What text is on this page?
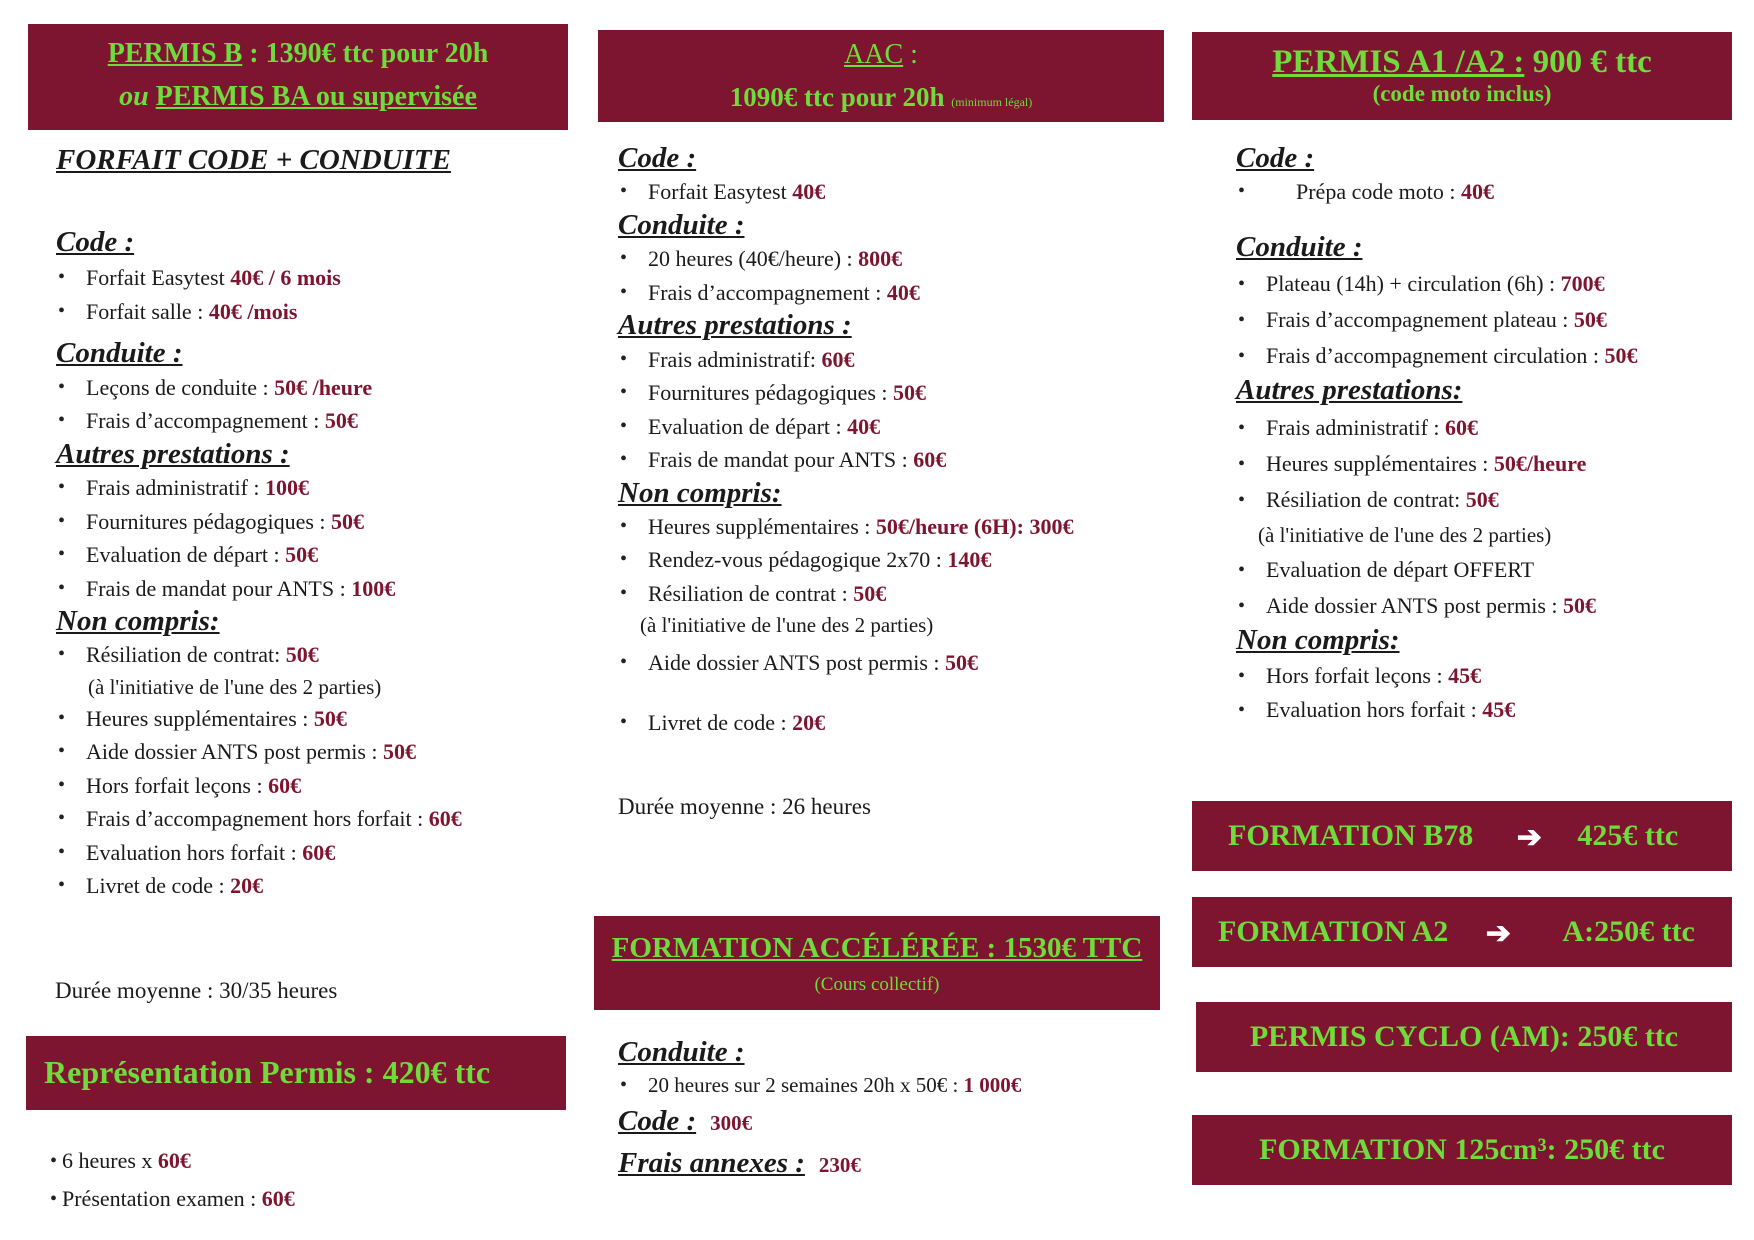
PERMIS B : 1390€ ttc pour 20h
ou PERMIS BA ou supervisée
FORFAIT CODE + CONDUITE

Code :

• Forfait Easytest 40€ / 6 mois
• Forfait salle : 40€ /mois

Conduite :

• Leçons de conduite : 50€ /heure
• Frais d’accompagnement : 50€

Autres prestations :

• Frais administratif : 100€
• Fournitures pédagogiques : 50€
• Evaluation de départ : 50€
• Frais de mandat pour ANTS : 100€

Non compris:

• Résiliation de contrat: 50€
(à l'initiative de l'une des 2 parties)
• Heures supplémentaires : 50€
• Aide dossier ANTS post permis : 50€
• Hors forfait leçons : 60€
• Frais d’accompagnement hors forfait : 60€
• Evaluation hors forfait : 60€
• Livret de code : 20€
Durée moyenne : 30/35 heures
Représentation Permis : 420€ ttc
• 6 heures x 60€
• Présentation examen : 60€
AAC :
1090€ ttc pour 20h (minimum légal)

Code :

• Forfait Easytest 40€

Conduite :

• 20 heures (40€/heure) : 800€
• Frais d’accompagnement : 40€

Autres prestations :

• Frais administratif: 60€
• Fournitures pédagogiques : 50€
• Evaluation de départ : 40€
• Frais de mandat pour ANTS : 60€

Non compris:

• Heures supplémentaires : 50€/heure (6H): 300€
• Rendez-vous pédagogique 2x70 : 140€
• Résiliation de contrat : 50€
(à l'initiative de l'une des 2 parties)
• Aide dossier ANTS post permis : 50€
• Livret de code : 20€
Durée moyenne : 26 heures
FORMATION ACCÉLÉRÉE : 1530€ TTC
(Cours collectif)

Conduite :

• 20 heures sur 2 semaines 20h x 50€ : 1 000€
Code : 300€
Frais annexes : 230€
PERMIS A1 /A2 : 900 € ttc
(code moto inclus)

Code :

• Prépa code moto : 40€

Conduite :

• Plateau (14h) + circulation (6h) : 700€
• Frais d’accompagnement plateau : 50€
• Frais d’accompagnement circulation : 50€

Autres prestations:

• Frais administratif : 60€
• Heures supplémentaires : 50€/heure
• Résiliation de contrat: 50€
(à l'initiative de l'une des 2 parties)
• Evaluation de départ OFFERT
• Aide dossier ANTS post permis : 50€

Non compris:

• Hors forfait leçons : 45€
• Evaluation hors forfait : 45€
FORMATION B78 ➔ 425€ ttc
FORMATION A2 ➔ A:250€ ttc
PERMIS CYCLO (AM): 250€ ttc
FORMATION 125cm³: 250€ ttc
